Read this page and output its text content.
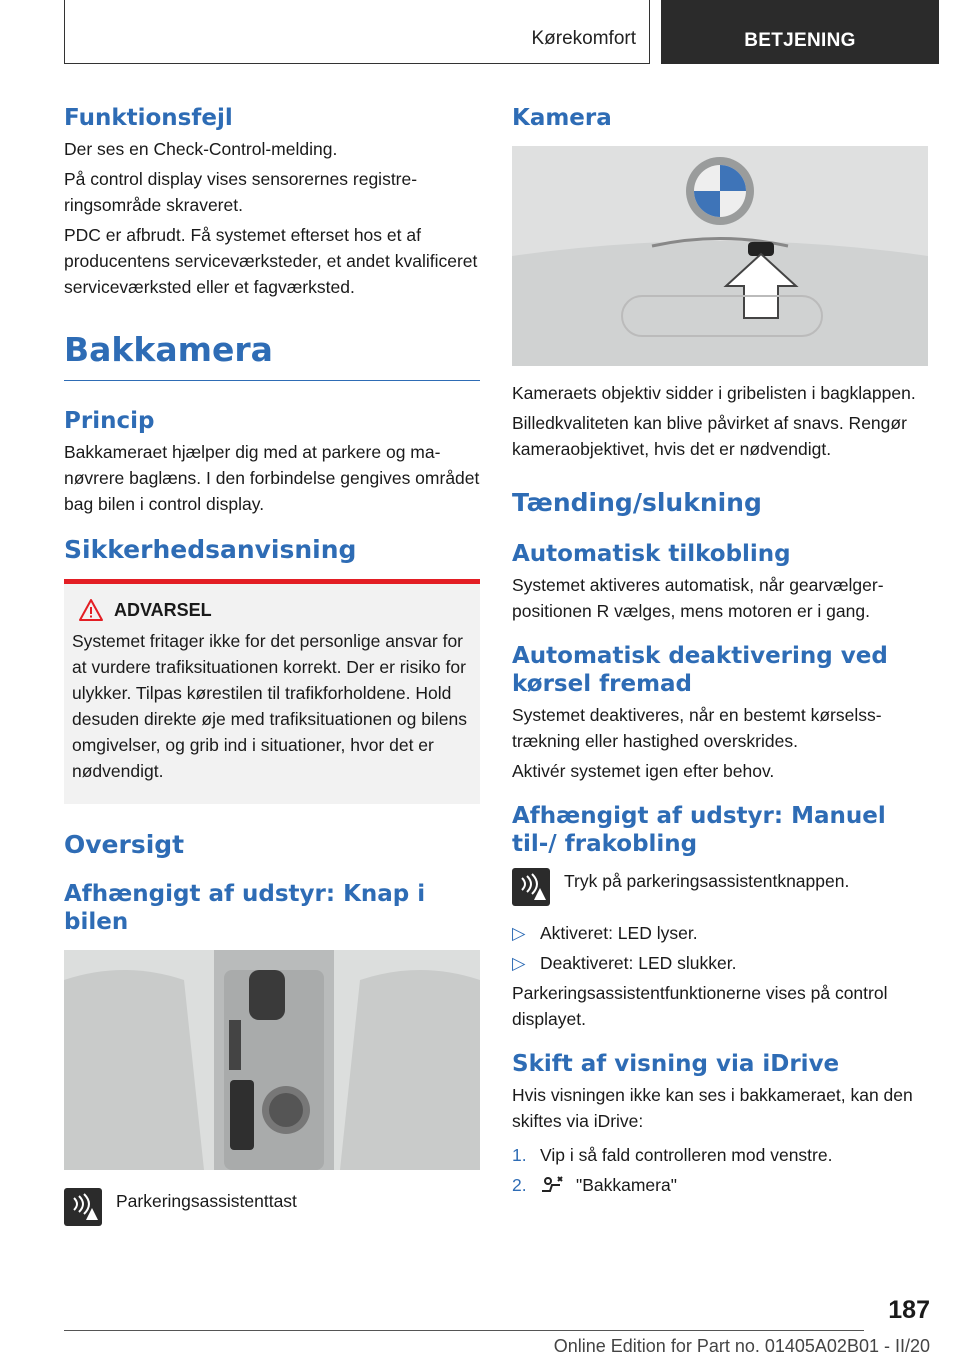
Kørekomfort	BETJENING
Funktionsfejl

Der ses en Check-Control-melding.

På control display vises sensorernes registreringsområde skraveret.

PDC er afbrudt. Få systemet efterset hos et af producentens serviceværksteder, et andet kvalificeret serviceværksted eller et fagværksted.

Bakkamera
Princip

Bakkameraet hjælper dig med at parkere og manøvrere baglæns. I den forbindelse gengives området bag bilen i control display.

Sikkerhedsanvisning
ADVARSEL

Systemet fritager ikke for det personlige ansvar for at vurdere trafiksituationen korrekt. Der er risiko for ulykker. Tilpas kørestilen til trafikforholdene. Hold desuden direkte øje med trafiksituationen og bilens omgivelser, og grib ind i situationer, hvor det er nødvendigt.

Oversigt
Afhængigt af udstyr: Knap i bilen
Parkeringsassistenttast
Kamera

Kameraets objektiv sidder i gribelisten i bagklappen.

Billedkvaliteten kan blive påvirket af snavs. Rengør kameraobjektivet, hvis det er nødvendigt.

Tænding/slukning
Automatisk tilkobling

Systemet aktiveres automatisk, når gearvælgerpositionen R vælges, mens motoren er i gang.

Automatisk deaktivering ved kørsel fremad

Systemet deaktiveres, når en bestemt kørselsstrækning eller hastighed overskrides.

Aktivér systemet igen efter behov.

Afhængigt af udstyr: Manuel til-/ frakobling
Tryk på parkeringsassistentknappen.
▷ Aktiveret: LED lyser.
▷ Deaktiveret: LED slukker.

Parkeringsassistentfunktionerne vises på control displayet.

Skift af visning via iDrive

Hvis visningen ikke kan ses i bakkameraet, kan den skiftes via iDrive:

1. Vip i så fald controlleren mod venstre.
2.	"Bakkamera"
187
Online Edition for Part no. 01405A02B01 - II/20
